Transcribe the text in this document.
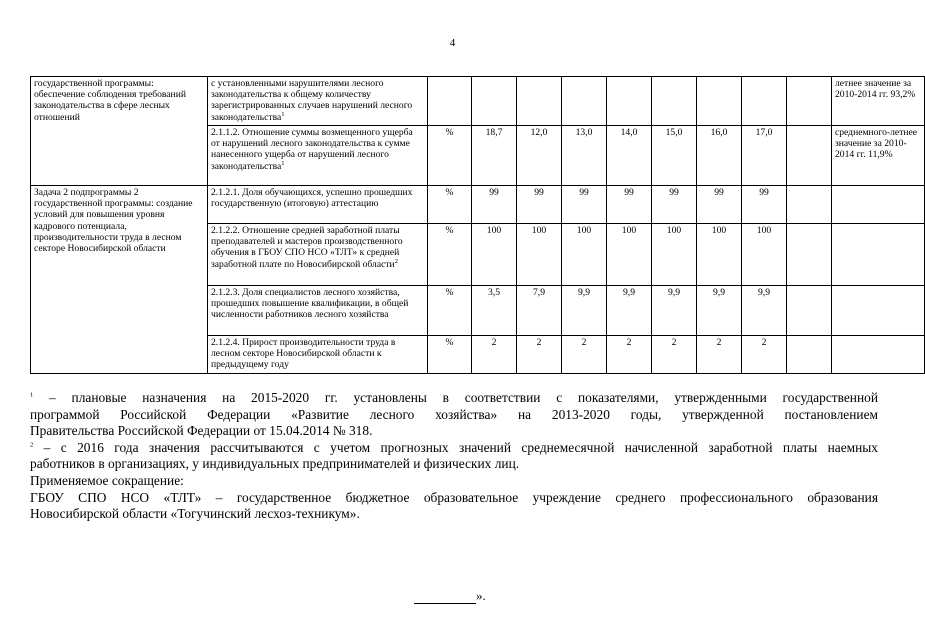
4
государственной программы: обеспечение соблюдения требований законодательства в сфере лесных отношений	с установленными нарушителями лесного законодательства к общему количеству зарегистрированных случаев нарушений лесного законодательства$^1$										летнее значение за 2010-2014 гг. 93,2%
	2.1.1.2. Отношение суммы возмещенного ущерба от нарушений лесного законодательства к сумме нанесенного ущерба от нарушений лесного законодательства$^1$	%	18,7	12,0	13,0	14,0	15,0	16,0	17,0		среднемного-летнее значение за 2010-2014 гг. 11,9%
Задача 2 подпрограммы 2 государственной программы: создание условий для повышения уровня кадрового потенциала, производительности труда в лесном секторе Новосибирской области	2.1.2.1. Доля обучающихся, успешно прошедших государственную (итоговую) аттестацию	%	99	99	99	99	99	99	99		
	2.1.2.2. Отношение средней заработной платы преподавателей и мастеров производственного обучения в ГБОУ СПО НСО «ТЛТ» к средней заработной плате по Новосибирской области$^2$	%	100	100	100	100	100	100	100		
	2.1.2.3. Доля специалистов лесного хозяйства, прошедших повышение квалификации, в общей численности работников лесного хозяйства	%	3,5	7,9	9,9	9,9	9,9	9,9	9,9		
	2.1.2.4. Прирост производительности труда в лесном секторе Новосибирской области к предыдущему году	%	2	2	2	2	2	2	2		

$^1$ – плановые назначения на 2015-2020 гг. установлены в соответствии с показателями, утвержденными государственной

программой Российской Федерации «Развитие лесного хозяйства» на 2013-2020 годы, утвержденной постановлением

Правительства Российской Федерации от 15.04.2014 № 318.

$^2$ – с 2016 года значения рассчитываются с учетом прогнозных значений среднемесячной начисленной заработной платы наемных

работников в организациях, у индивидуальных предпринимателей и физических лиц.

Применяемое сокращение:

ГБОУ СПО НСО «ТЛТ» – государственное бюджетное образовательное учреждение среднего профессионального образования

Новосибирской области «Тогучинский лесхоз-техникум».

».
